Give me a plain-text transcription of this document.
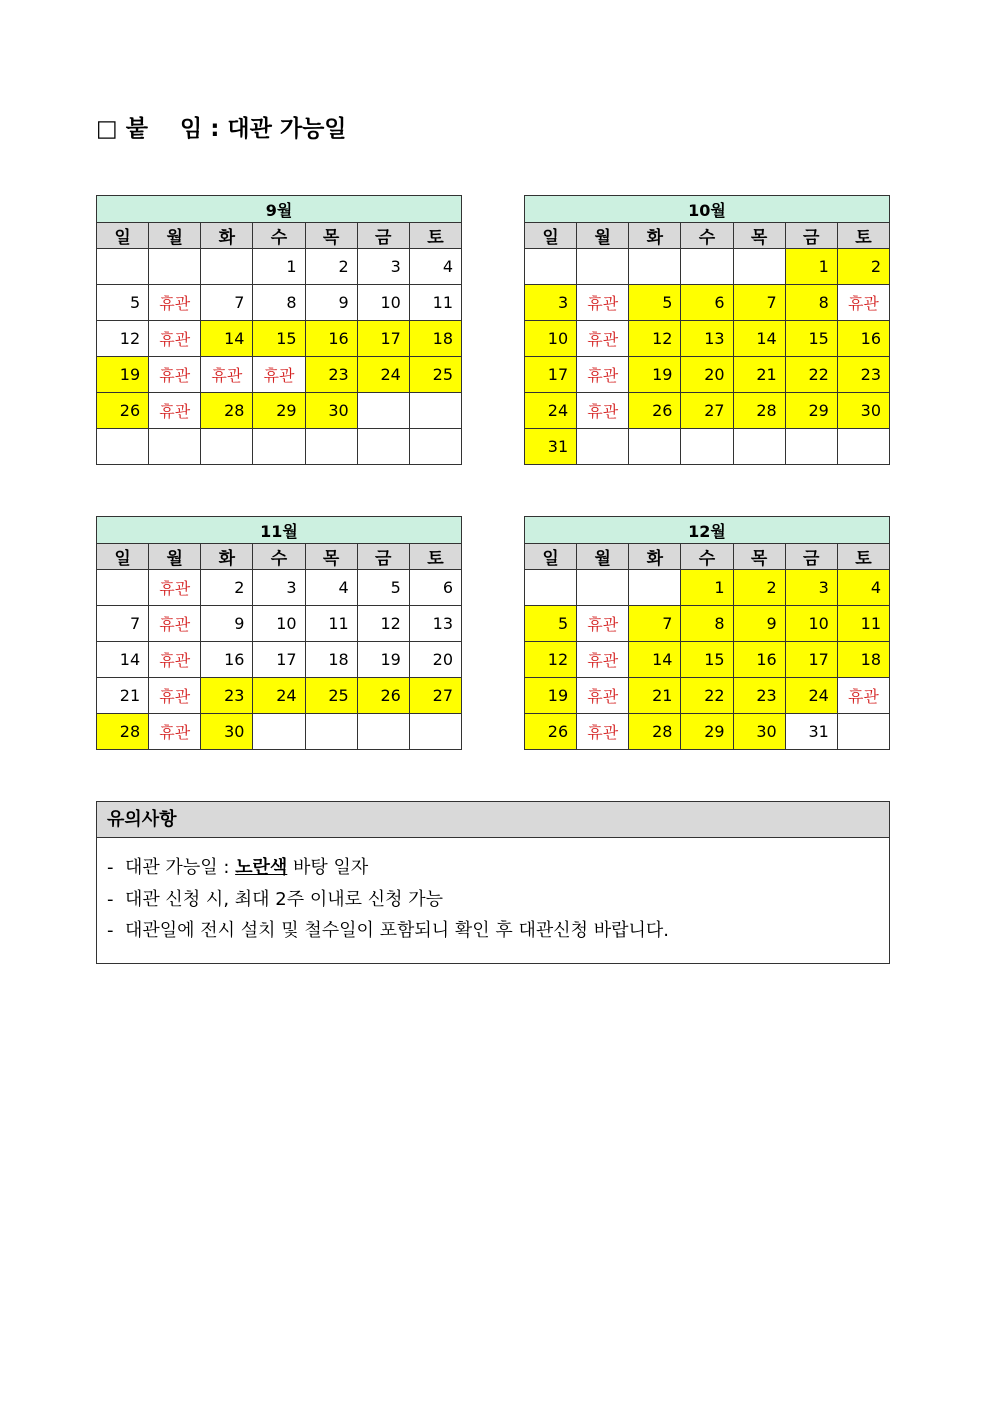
□ 붙    임 : 대관 가능일
9월						
일	월	화	수	목	금	토
			1	2	3	4
5	휴관	7	8	9	10	11
12	휴관	14	15	16	17	18
19	휴관	휴관	휴관	23	24	25
26	휴관	28	29	30		

10월						
일	월	화	수	목	금	토
					1	2
3	휴관	5	6	7	8	휴관
10	휴관	12	13	14	15	16
17	휴관	19	20	21	22	23
24	휴관	26	27	28	29	30
31						
11월						
일	월	화	수	목	금	토
	휴관	2	3	4	5	6
7	휴관	9	10	11	12	13
14	휴관	16	17	18	19	20
21	휴관	23	24	25	26	27
28	휴관	30				
12월						
일	월	화	수	목	금	토
			1	2	3	4
5	휴관	7	8	9	10	11
12	휴관	14	15	16	17	18
19	휴관	21	22	23	24	휴관
26	휴관	28	29	30	31	
유의사항
-  대관 가능일 : 노란색 바탕 일자
-  대관 신청 시, 최대 2주 이내로 신청 가능
-  대관일에 전시 설치 및 철수일이 포함되니 확인 후 대관신청 바랍니다.
